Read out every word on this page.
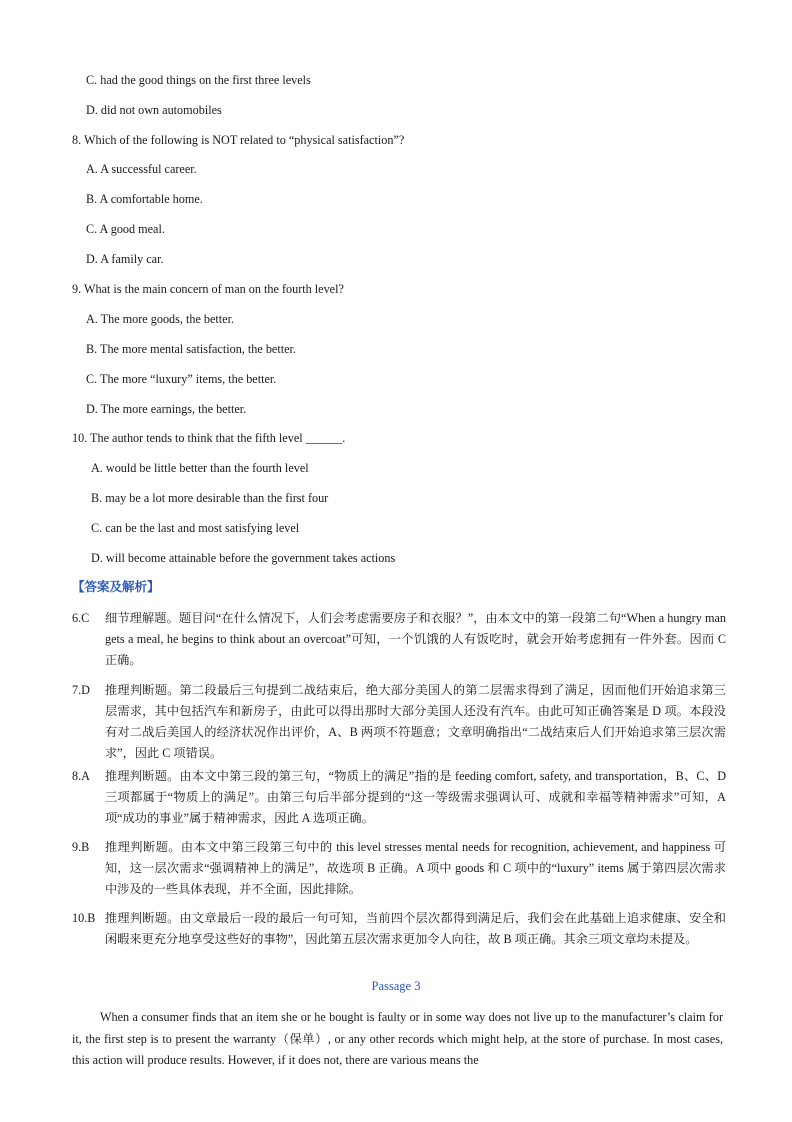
C. had the good things on the first three levels
D. did not own automobiles
8. Which of the following is NOT related to “physical satisfaction”?
A. A successful career.
B. A comfortable home.
C. A good meal.
D. A family car.
9. What is the main concern of man on the fourth level?
A. The more goods, the better.
B. The more mental satisfaction, the better.
C. The more “luxury” items, the better.
D. The more earnings, the better.
10. The author tends to think that the fifth level ______.
A. would be little better than the fourth level
B. may be a lot more desirable than the first four
C. can be the last and most satisfying level
D. will become attainable before the government takes actions
【答案及解析】
6.C 细节理解题。题目问“在什么情况下，人们会考虑需要房子和衣服？”，由本文中的第一段第二句“When a hungry man gets a meal, he begins to think about an overcoat”可知，一个饥饿的人有饭吃时，就会开始考虑拥有一件外套。因而 C 正确。
7.D 推理判断题。第二段最后三句提到二战结束后，绝大部分美国人的第二层需求得到了满足，因而他们开始追求第三层需求，其中包括汽车和新房子，由此可以得出那时大部分美国人还没有汽车。由此可知正确答案是 D 项。本段没有对二战后美国人的经济状况作出评价，A、B 两项不符题意；文章明确指出“二战结束后人们开始追求第三层次需求”，因此 C 项错误。
8.A 推理判断题。由本文中第三段的第三句，“物质上的满足”指的是 feeding comfort, safety, and transportation，B、C、D 三项都属于“物质上的满足”。由第三句后半部分提到的“这一等级需求强调认可、成就和幸福等精神需求”可知，A 项“成功的事业”属于精神需求，因此 A 选项正确。
9.B 推理判断题。由本文中第三段第三句中的 this level stresses mental needs for recognition, achievement, and happiness 可知，这一层次需求“强调精神上的满足”，故选项 B 正确。A 项中 goods 和 C 项中的“luxury” items 属于第四层次需求中涉及的一些具体表现，并不全面，因此排除。
10.B 推理判断题。由文章最后一段的最后一句可知，当前四个层次都得到满足后，我们会在此基础上追求健康、安全和闲暇来更充分地享受这些好的事物”，因此第五层次需求更加令人向往，故 B 项正确。其余三项文章均未提及。
Passage 3
When a consumer finds that an item she or he bought is faulty or in some way does not live up to the manufacturer’s claim for it, the first step is to present the warranty（保单）, or any other records which might help, at the store of purchase. In most cases, this action will produce results. However, if it does not, there are various means the
